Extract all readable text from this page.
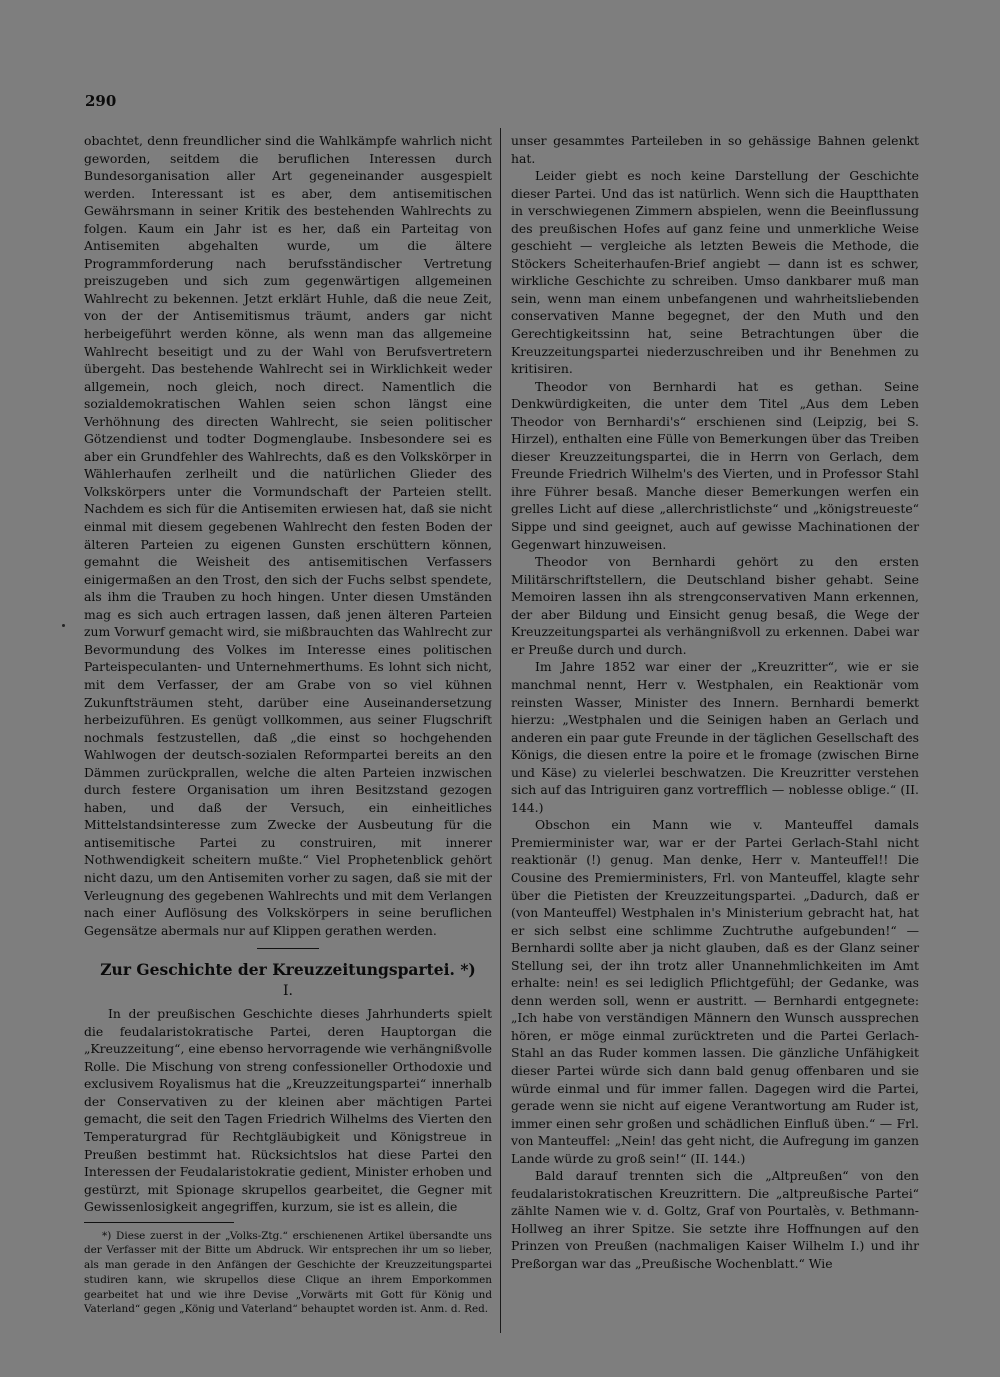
290

obachtet, denn freundlicher sind die Wahlkämpfe wahrlich nicht geworden, seitdem die beruflichen Interessen durch Bundesorganisation aller Art gegeneinander ausgespielt werden. Interessant ist es aber, dem antisemitischen Gewährsmann in seiner Kritik des bestehenden Wahlrechts zu folgen. Kaum ein Jahr ist es her, daß ein Parteitag von Antisemiten abgehalten wurde, um die ältere Programmforderung nach berufsständischer Vertretung preiszugeben und sich zum gegenwärtigen allgemeinen Wahlrecht zu bekennen. Jetzt erklärt Huhle, daß die neue Zeit, von der der Antisemitismus träumt, anders gar nicht herbeigeführt werden könne, als wenn man das allgemeine Wahlrecht beseitigt und zu der Wahl von Berufsvertretern übergeht. Das bestehende Wahlrecht sei in Wirklichkeit weder allgemein, noch gleich, noch direct. Namentlich die sozialdemokratischen Wahlen seien schon längst eine Verhöhnung des directen Wahlrecht, sie seien politischer Götzendienst und todter Dogmenglaube. Insbesondere sei es aber ein Grundfehler des Wahlrechts, daß es den Volkskörper in Wählerhaufen zerlheilt und die natürlichen Glieder des Volkskörpers unter die Vormundschaft der Parteien stellt. Nachdem es sich für die Antisemiten erwiesen hat, daß sie nicht einmal mit diesem gegebenen Wahlrecht den festen Boden der älteren Parteien zu eigenen Gunsten erschüttern können, gemahnt die Weisheit des antisemitischen Verfassers einigermaßen an den Trost, den sich der Fuchs selbst spendete, als ihm die Trauben zu hoch hingen. Unter diesen Umständen mag es sich auch ertragen lassen, daß jenen älteren Parteien zum Vorwurf gemacht wird, sie mißbrauchten das Wahlrecht zur Bevormundung des Volkes im Interesse eines politischen Parteispeculanten- und Unternehmerthums. Es lohnt sich nicht, mit dem Verfasser, der am Grabe von so viel kühnen Zukunftsträumen steht, darüber eine Auseinandersetzung herbeizuführen. Es genügt vollkommen, aus seiner Flugschrift nochmals festzustellen, daß „die einst so hochgehenden Wahlwogen der deutsch-sozialen Reformpartei bereits an den Dämmen zurückprallen, welche die alten Parteien inzwischen durch festere Organisation um ihren Besitzstand gezogen haben, und daß der Versuch, ein einheitliches Mittelstandsinteresse zum Zwecke der Ausbeutung für die antisemitische Partei zu construiren, mit innerer Nothwendigkeit scheitern mußte.“ Viel Prophetenblick gehört nicht dazu, um den Antisemiten vorher zu sagen, daß sie mit der Verleugnung des gegebenen Wahlrechts und mit dem Verlangen nach einer Auflösung des Volkskörpers in seine beruflichen Gegensätze abermals nur auf Klippen gerathen werden.

Zur Geschichte der Kreuzzeitungspartei. *)
I.

In der preußischen Geschichte dieses Jahrhunderts spielt die feudalaristokratische Partei, deren Hauptorgan die „Kreuzzeitung“, eine ebenso hervorragende wie verhängnißvolle Rolle. Die Mischung von streng confessioneller Orthodoxie und exclusivem Royalismus hat die „Kreuzzeitungspartei“ innerhalb der Conservativen zu der kleinen aber mächtigen Partei gemacht, die seit den Tagen Friedrich Wilhelms des Vierten den Temperaturgrad für Rechtgläubigkeit und Königstreue in Preußen bestimmt hat. Rücksichtslos hat diese Partei den Interessen der Feudalaristokratie gedient, Minister erhoben und gestürzt, mit Spionage skrupellos gearbeitet, die Gegner mit Gewissenlosigkeit angegriffen, kurzum, sie ist es allein, die

*) Diese zuerst in der „Volks-Ztg.“ erschienenen Artikel übersandte uns der Verfasser mit der Bitte um Abdruck. Wir entsprechen ihr um so lieber, als man gerade in den Anfängen der Geschichte der Kreuzzeitungspartei studiren kann, wie skrupellos diese Clique an ihrem Emporkommen gearbeitet hat und wie ihre Devise „Vorwärts mit Gott für König und Vaterland“ gegen „König und Vaterland“ behauptet worden ist. Anm. d. Red.

unser gesammtes Parteileben in so gehässige Bahnen gelenkt hat.

Leider giebt es noch keine Darstellung der Geschichte dieser Partei. Und das ist natürlich. Wenn sich die Hauptthaten in verschwiegenen Zimmern abspielen, wenn die Beeinflussung des preußischen Hofes auf ganz feine und unmerkliche Weise geschieht — vergleiche als letzten Beweis die Methode, die Stöckers Scheiterhaufen-Brief angiebt — dann ist es schwer, wirkliche Geschichte zu schreiben. Umso dankbarer muß man sein, wenn man einem unbefangenen und wahrheitsliebenden conservativen Manne begegnet, der den Muth und den Gerechtigkeitssinn hat, seine Betrachtungen über die Kreuzzeitungspartei niederzuschreiben und ihr Benehmen zu kritisiren.

Theodor von Bernhardi hat es gethan. Seine Denkwürdigkeiten, die unter dem Titel „Aus dem Leben Theodor von Bernhardi's“ erschienen sind (Leipzig, bei S. Hirzel), enthalten eine Fülle von Bemerkungen über das Treiben dieser Kreuzzeitungspartei, die in Herrn von Gerlach, dem Freunde Friedrich Wilhelm's des Vierten, und in Professor Stahl ihre Führer besaß. Manche dieser Bemerkungen werfen ein grelles Licht auf diese „allerchristlichste“ und „königstreueste“ Sippe und sind geeignet, auch auf gewisse Machinationen der Gegenwart hinzuweisen.

Theodor von Bernhardi gehört zu den ersten Militärschriftstellern, die Deutschland bisher gehabt. Seine Memoiren lassen ihn als strengconservativen Mann erkennen, der aber Bildung und Einsicht genug besaß, die Wege der Kreuzzeitungspartei als verhängnißvoll zu erkennen. Dabei war er Preuße durch und durch.

Im Jahre 1852 war einer der „Kreuzritter“, wie er sie manchmal nennt, Herr v. Westphalen, ein Reaktionär vom reinsten Wasser, Minister des Innern. Bernhardi bemerkt hierzu: „Westphalen und die Seinigen haben an Gerlach und anderen ein paar gute Freunde in der täglichen Gesellschaft des Königs, die diesen entre la poire et le fromage (zwischen Birne und Käse) zu vielerlei beschwatzen. Die Kreuzritter verstehen sich auf das Intriguiren ganz vortrefflich — noblesse oblige.“ (II. 144.)

Obschon ein Mann wie v. Manteuffel damals Premierminister war, war er der Partei Gerlach-Stahl nicht reaktionär (!) genug. Man denke, Herr v. Manteuffel!! Die Cousine des Premierministers, Frl. von Manteuffel, klagte sehr über die Pietisten der Kreuzzeitungspartei. „Dadurch, daß er (von Manteuffel) Westphalen in's Ministerium gebracht hat, hat er sich selbst eine schlimme Zuchtruthe aufgebunden!“ — Bernhardi sollte aber ja nicht glauben, daß es der Glanz seiner Stellung sei, der ihn trotz aller Unannehmlichkeiten im Amt erhalte: nein! es sei lediglich Pflichtgefühl; der Gedanke, was denn werden soll, wenn er austritt. — Bernhardi entgegnete: „Ich habe von verständigen Männern den Wunsch aussprechen hören, er möge einmal zurücktreten und die Partei Gerlach-Stahl an das Ruder kommen lassen. Die gänzliche Unfähigkeit dieser Partei würde sich dann bald genug offenbaren und sie würde einmal und für immer fallen. Dagegen wird die Partei, gerade wenn sie nicht auf eigene Verantwortung am Ruder ist, immer einen sehr großen und schädlichen Einfluß üben.“ — Frl. von Manteuffel: „Nein! das geht nicht, die Aufregung im ganzen Lande würde zu groß sein!“ (II. 144.)

Bald darauf trennten sich die „Altpreußen“ von den feudalaristokratischen Kreuzrittern. Die „altpreußische Partei“ zählte Namen wie v. d. Goltz, Graf von Pourtalès, v. Bethmann-Hollweg an ihrer Spitze. Sie setzte ihre Hoffnungen auf den Prinzen von Preußen (nachmaligen Kaiser Wilhelm I.) und ihr Preßorgan war das „Preußische Wochenblatt.“ Wie
